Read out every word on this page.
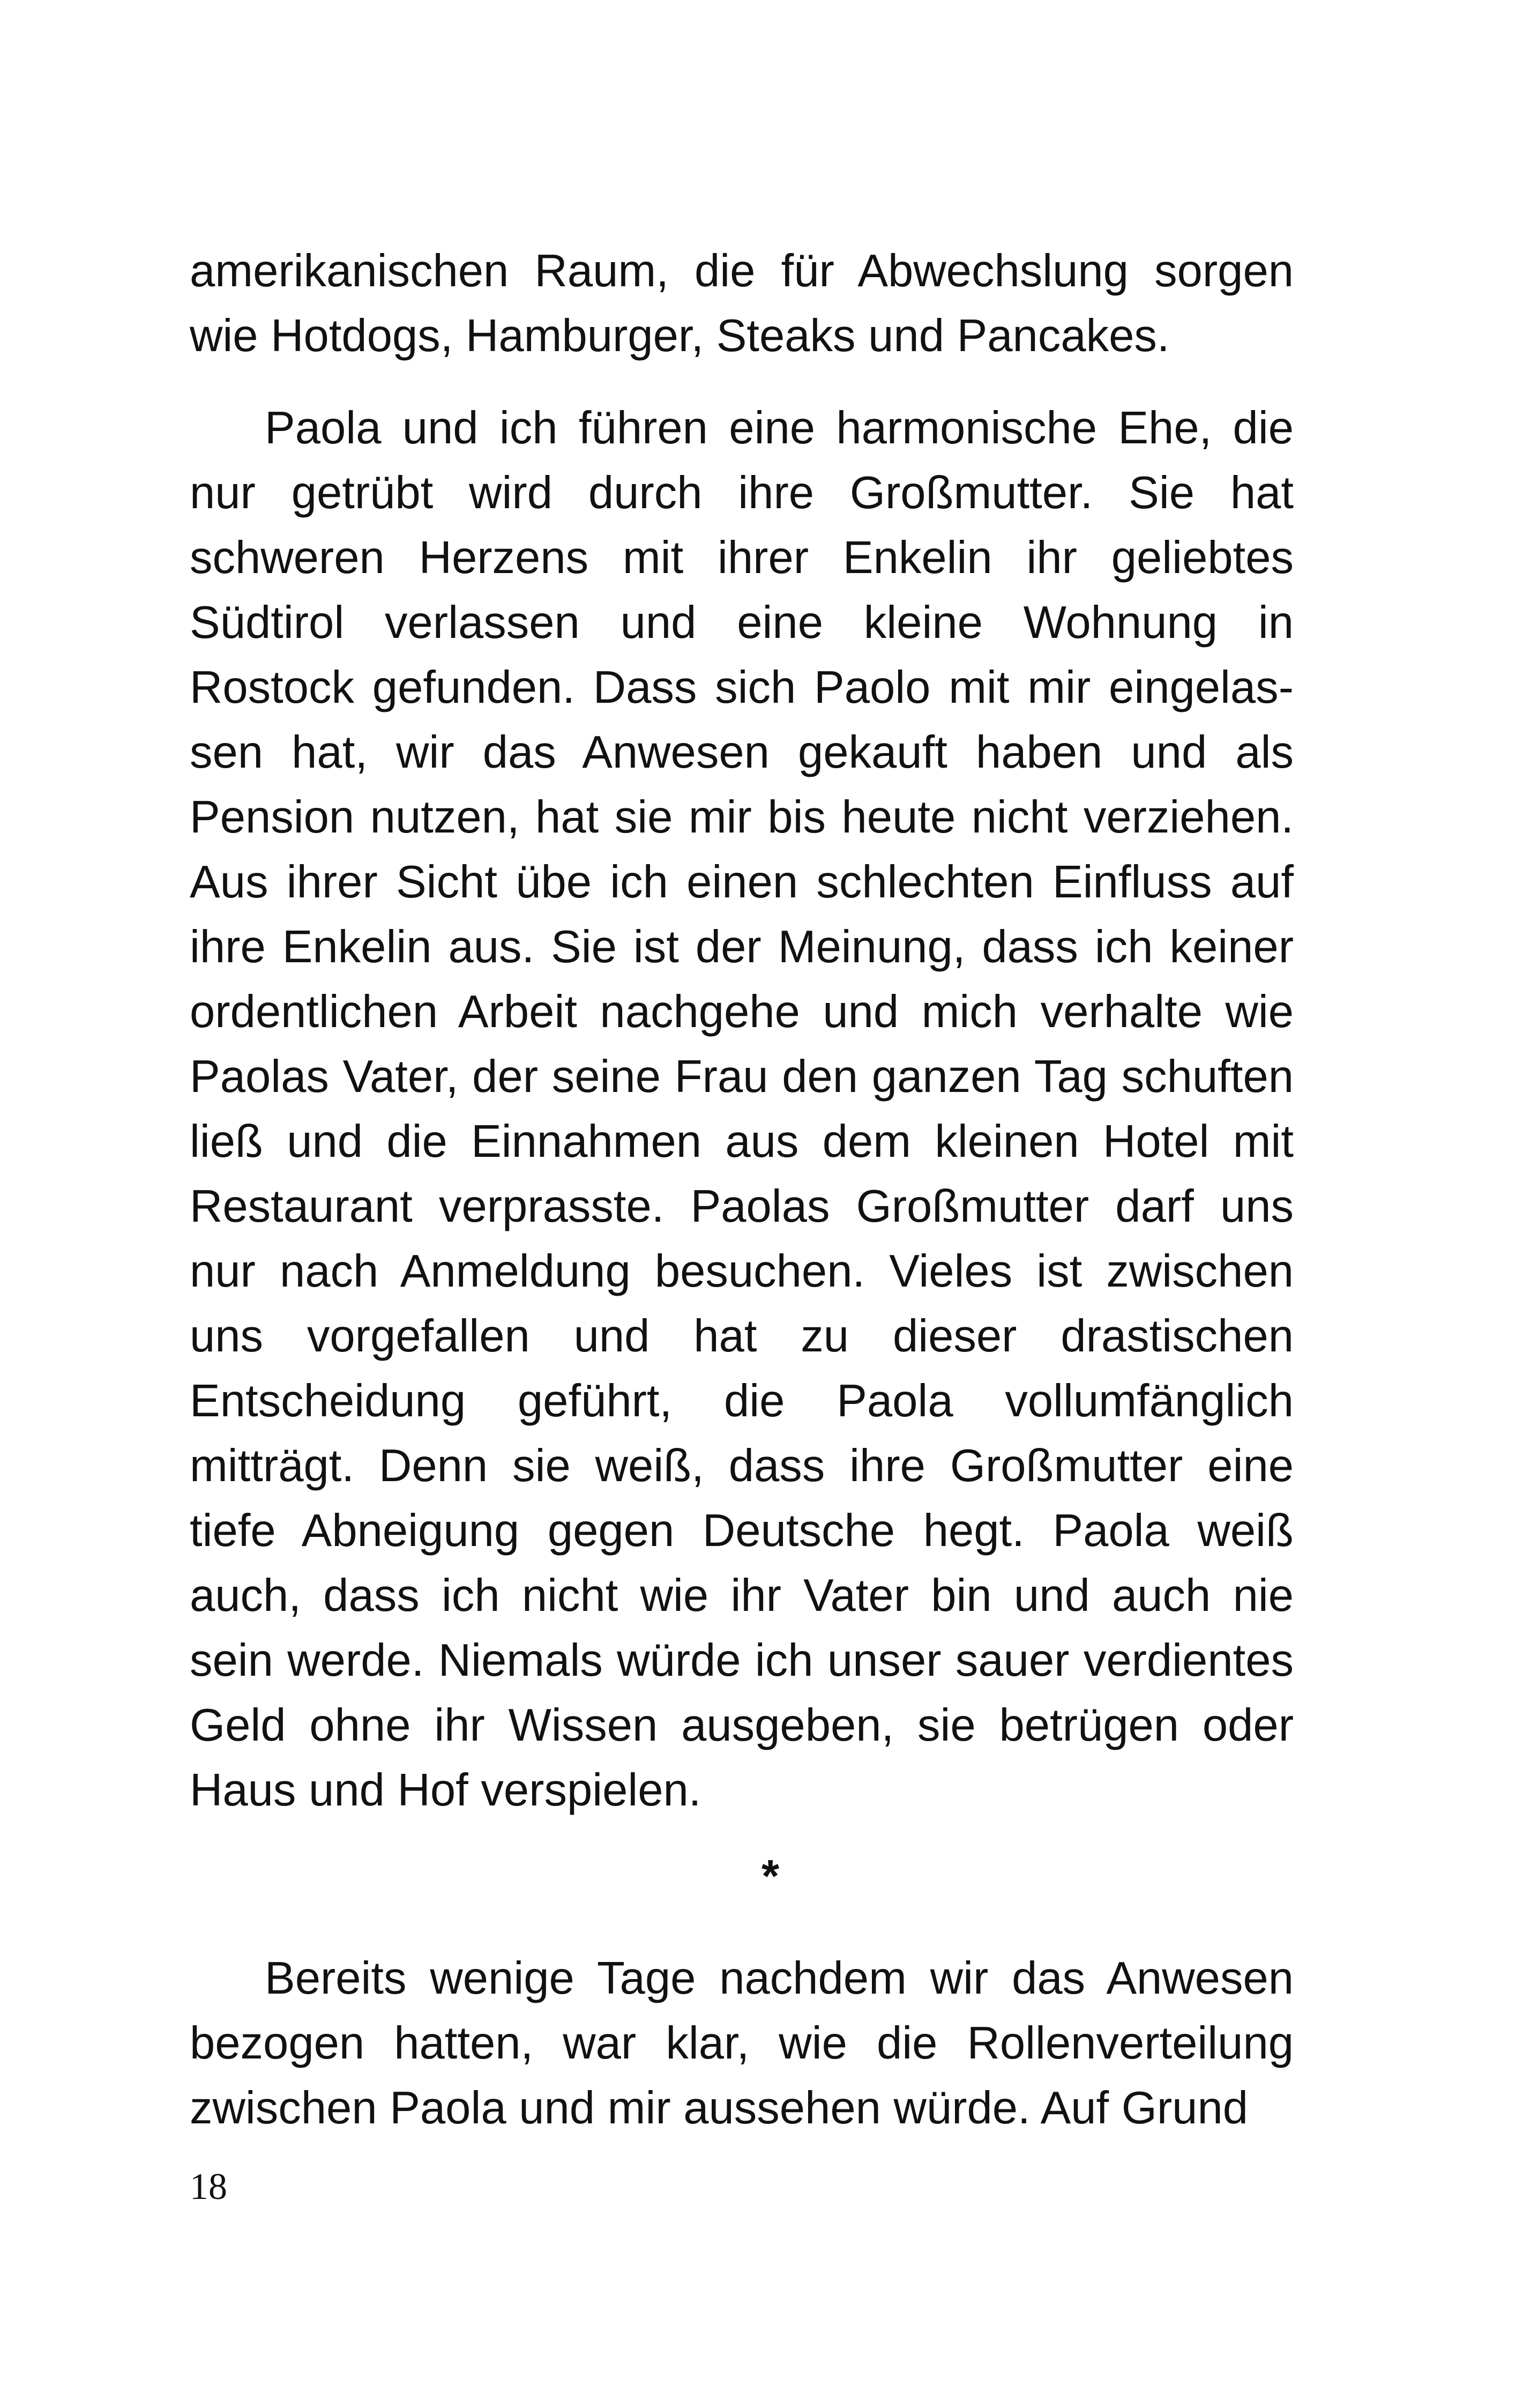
amerikanischen Raum, die für Abwechslung sorgen wie Hotdogs, Hamburger, Steaks und Pancakes.

Paola und ich führen eine harmonische Ehe, die nur getrübt wird durch ihre Großmutter. Sie hat schweren Herzens mit ihrer Enkelin ihr geliebtes Südtirol verlassen und eine kleine Wohnung in Rostock gefunden. Dass sich Paolo mit mir eingelassen hat, wir das Anwesen gekauft haben und als Pension nutzen, hat sie mir bis heute nicht verziehen. Aus ihrer Sicht übe ich einen schlechten Einfluss auf ihre Enkelin aus. Sie ist der Meinung, dass ich keiner ordentlichen Arbeit nachgehe und mich verhalte wie Paolas Vater, der seine Frau den ganzen Tag schuften ließ und die Einnahmen aus dem kleinen Hotel mit Restaurant verprasste. Paolas Großmutter darf uns nur nach Anmeldung besuchen. Vieles ist zwischen uns vorgefallen und hat zu dieser drastischen Entscheidung geführt, die Paola vollumfänglich mitträgt. Denn sie weiß, dass ihre Großmutter eine tiefe Abneigung gegen Deutsche hegt. Paola weiß auch, dass ich nicht wie ihr Vater bin und auch nie sein werde. Niemals würde ich unser sauer verdientes Geld ohne ihr Wissen ausgeben, sie betrügen oder Haus und Hof verspielen.

*

Bereits wenige Tage nachdem wir das Anwesen bezogen hatten, war klar, wie die Rollenverteilung zwischen Paola und mir aussehen würde. Auf Grund

18
